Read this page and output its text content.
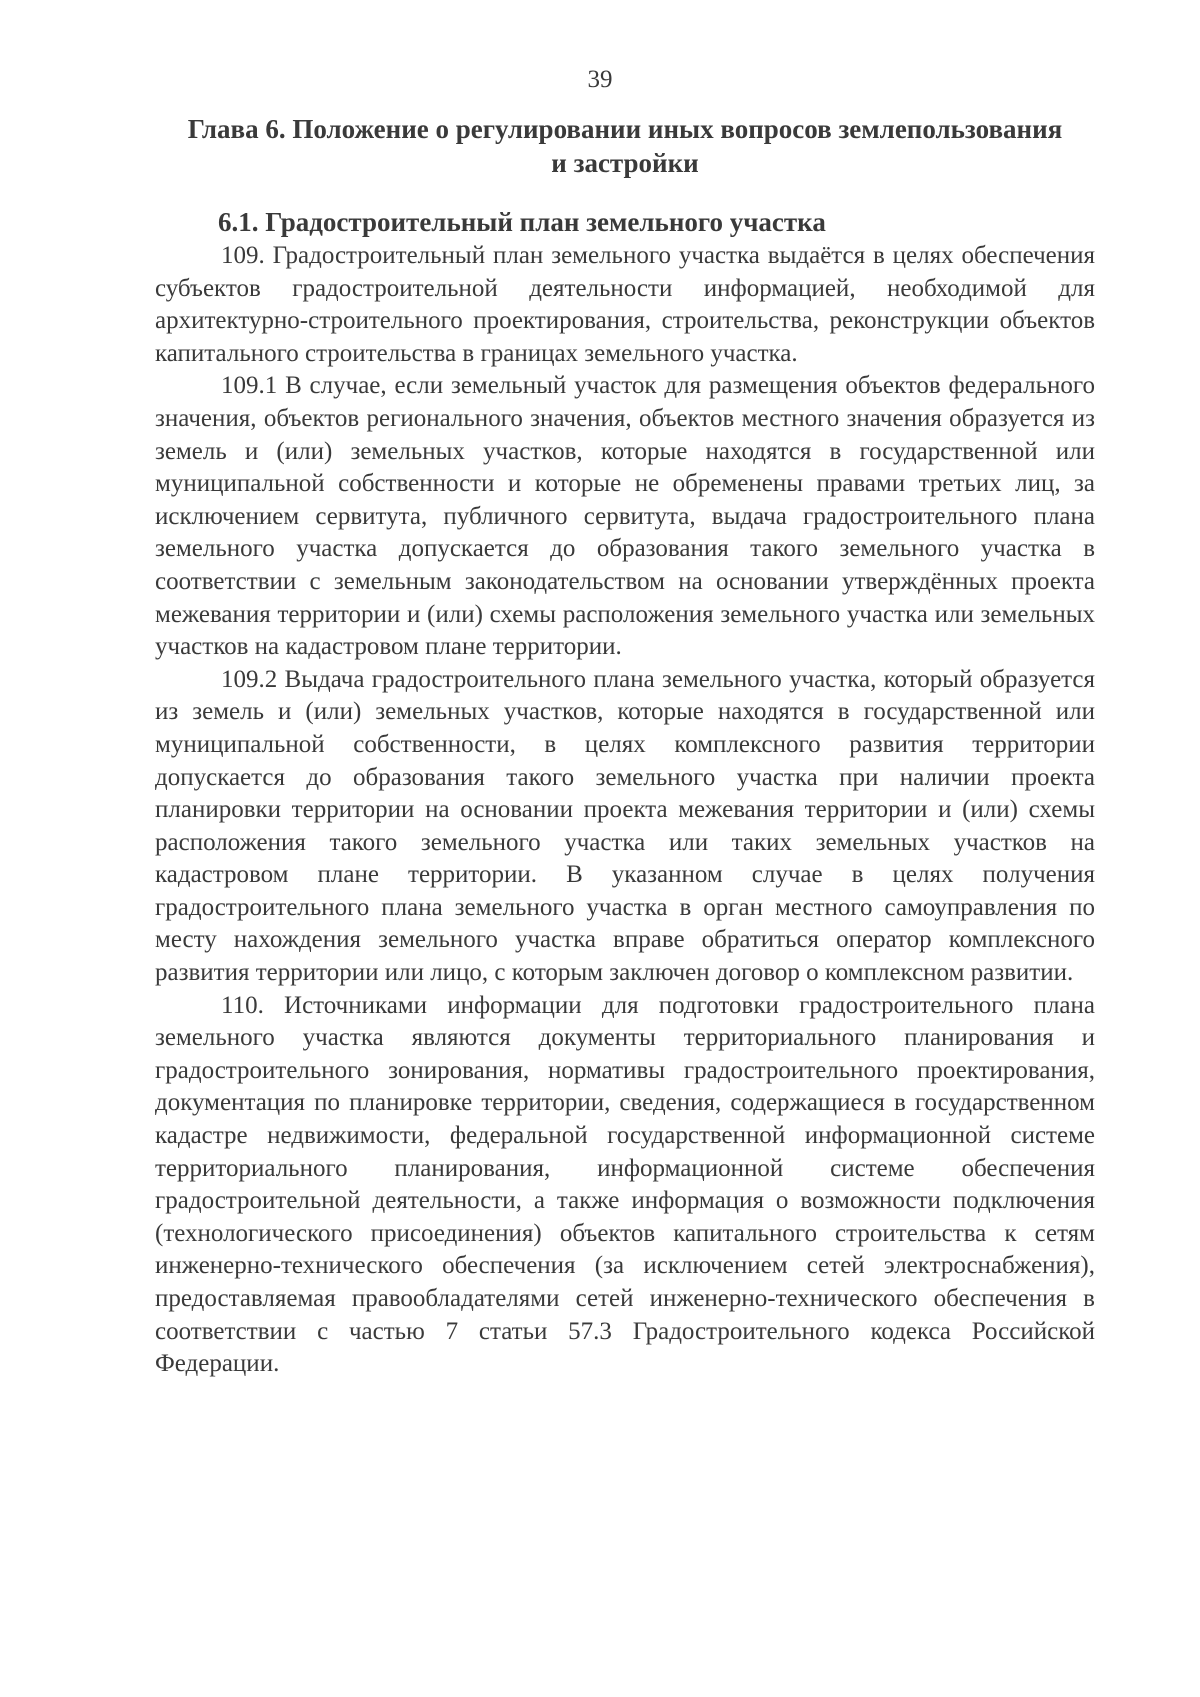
39
Глава 6. Положение о регулировании иных вопросов землепользования
и застройки
6.1. Градостроительный план земельного участка

109. Градостроительный план земельного участка выдаётся в целях обеспечения субъектов градостроительной деятельности информацией, необходимой для архитектурно-строительного проектирования, строительства, реконструкции объектов капитального строительства в границах земельного участка.

109.1 В случае, если земельный участок для размещения объектов федерального значения, объектов регионального значения, объектов местного значения образуется из земель и (или) земельных участков, которые находятся в государственной или муниципальной собственности и которые не обременены правами третьих лиц, за исключением сервитута, публичного сервитута, выдача градостроительного плана земельного участка допускается до образования такого земельного участка в соответствии с земельным законодательством на основании утверждённых проекта межевания территории и (или) схемы расположения земельного участка или земельных участков на кадастровом плане территории.

109.2 Выдача градостроительного плана земельного участка, который образуется из земель и (или) земельных участков, которые находятся в государственной или муниципальной собственности, в целях комплексного развития территории допускается до образования такого земельного участка при наличии проекта планировки территории на основании проекта межевания территории и (или) схемы расположения такого земельного участка или таких земельных участков на кадастровом плане территории. В указанном случае в целях получения градостроительного плана земельного участка в орган местного самоуправления по месту нахождения земельного участка вправе обратиться оператор комплексного развития территории или лицо, с которым заключен договор о комплексном развитии.

110. Источниками информации для подготовки градостроительного плана земельного участка являются документы территориального планирования и градостроительного зонирования, нормативы градостроительного проектирования, документация по планировке территории, сведения, содержащиеся в государственном кадастре недвижимости, федеральной государственной информационной системе территориального планирования, информационной системе обеспечения градостроительной деятельности, а также информация о возможности подключения (технологического присоединения) объектов капитального строительства к сетям инженерно-технического обеспечения (за исключением сетей электроснабжения), предоставляемая правообладателями сетей инженерно-технического обеспечения в соответствии с частью 7 статьи 57.3 Градостроительного кодекса Российской Федерации.
